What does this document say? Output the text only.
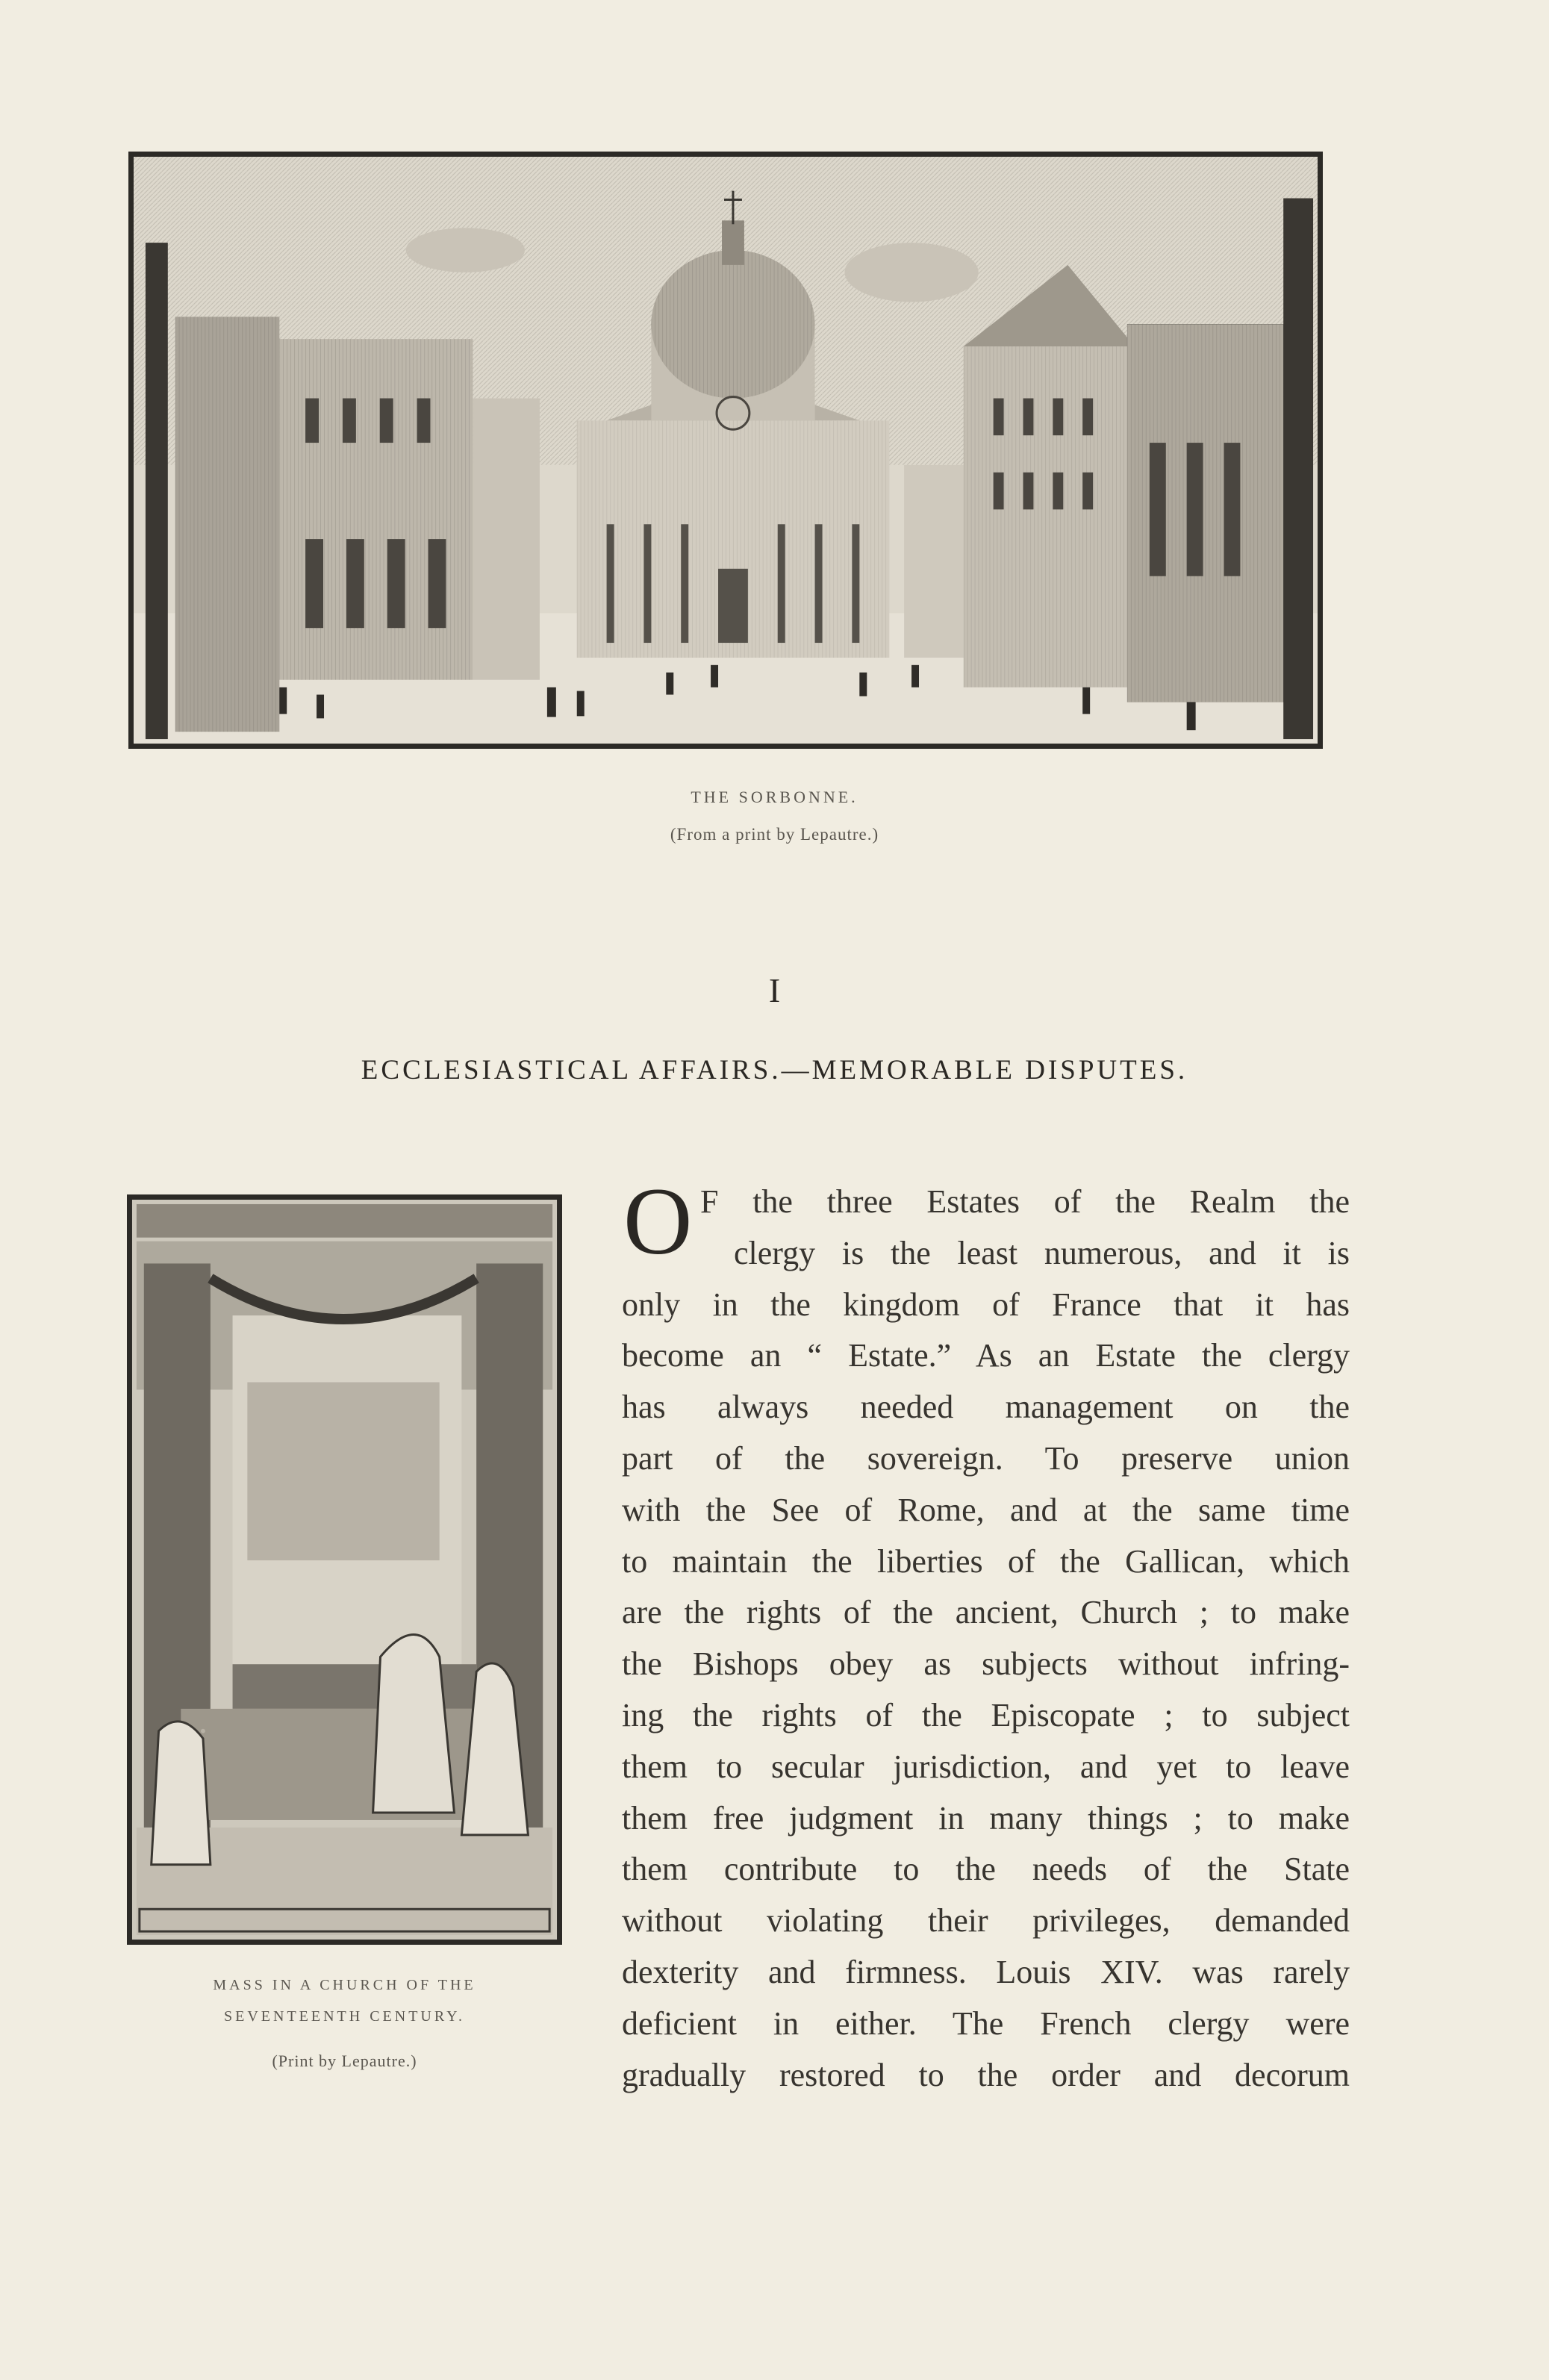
THE SORBONNE.
(From a print by Lepautre.)
I
ECCLESIASTICAL AFFAIRS.—MEMORABLE DISPUTES.
MASS IN A CHURCH OF THE
SEVENTEENTH CENTURY.
(Print by Lepautre.)
O F the three Estates of the Realm the
clergy is the least numerous, and it is
only in the kingdom of France that it has
become an “ Estate.” As an Estate the clergy
has always needed management on the
part of the sovereign. To preserve union
with the See of Rome, and at the same time
to maintain the liberties of the Gallican, which
are the rights of the ancient, Church ; to make
the Bishops obey as subjects without infring-
ing the rights of the Episcopate ; to subject
them to secular jurisdiction, and yet to leave
them free judgment in many things ; to make
them contribute to the needs of the State
without violating their privileges, demanded
dexterity and firmness. Louis XIV. was rarely
deficient in either. The French clergy were
gradually restored to the order and decorum
